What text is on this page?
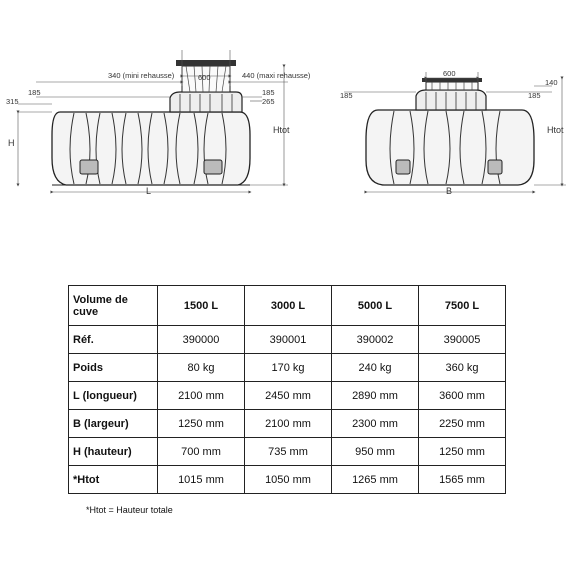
340 (mini rehausse)	600	440 (maxi rehausse)
315
185	185
265
H
Htot
L
600
185	185
140
Htot
B
Volume de cuve	1500 L	3000 L	5000 L	7500 L
Réf.	390000	390001	390002	390005
Poids	80 kg	170 kg	240 kg	360 kg
L (longueur)	2100 mm	2450 mm	2890 mm	3600 mm
B (largeur)	1250 mm	2100 mm	2300 mm	2250 mm
H (hauteur)	700 mm	735 mm	950 mm	1250 mm
*Htot	1015 mm	1050 mm	1265 mm	1565 mm
*Htot = Hauteur totale
